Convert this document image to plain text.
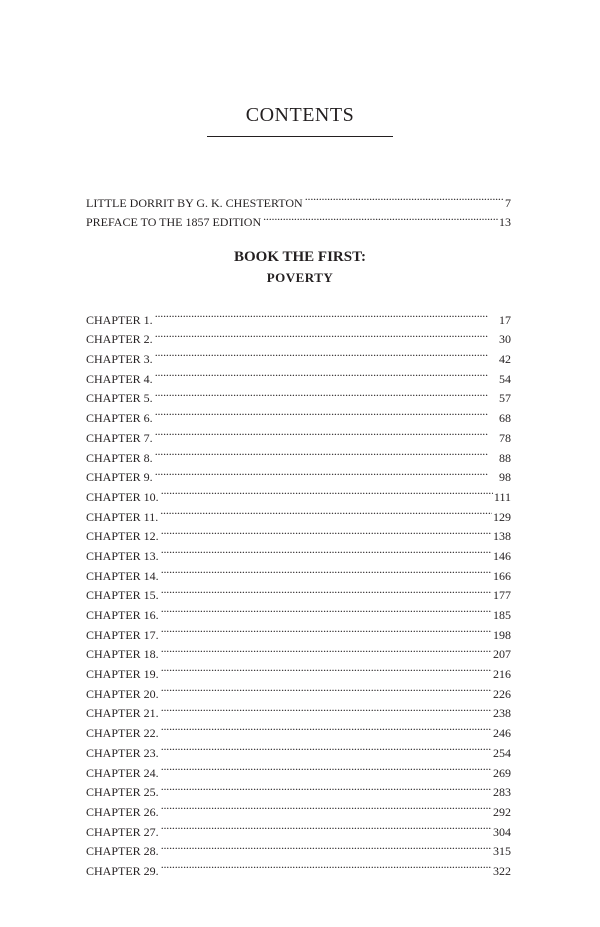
CONTENTS
LITTLE DORRIT BY G. K. CHESTERTON . . .	7
PREFACE TO THE 1857 EDITION . . .	13
BOOK THE FIRST:
POVERTY
CHAPTER 1. . . .	17
CHAPTER 2. . . .	30
CHAPTER 3. . . .	42
CHAPTER 4. . . .	54
CHAPTER 5. . . .	57
CHAPTER 6. . . .	68
CHAPTER 7. . . .	78
CHAPTER 8. . . .	88
CHAPTER 9. . . .	98
CHAPTER 10. . . .	111
CHAPTER 11. . . .	129
CHAPTER 12. . . .	138
CHAPTER 13. . . .	146
CHAPTER 14. . . .	166
CHAPTER 15. . . .	177
CHAPTER 16. . . .	185
CHAPTER 17. . . .	198
CHAPTER 18. . . .	207
CHAPTER 19. . . .	216
CHAPTER 20. . . .	226
CHAPTER 21. . . .	238
CHAPTER 22. . . .	246
CHAPTER 23. . . .	254
CHAPTER 24. . . .	269
CHAPTER 25. . . .	283
CHAPTER 26. . . .	292
CHAPTER 27. . . .	304
CHAPTER 28. . . .	315
CHAPTER 29. . . .	322
